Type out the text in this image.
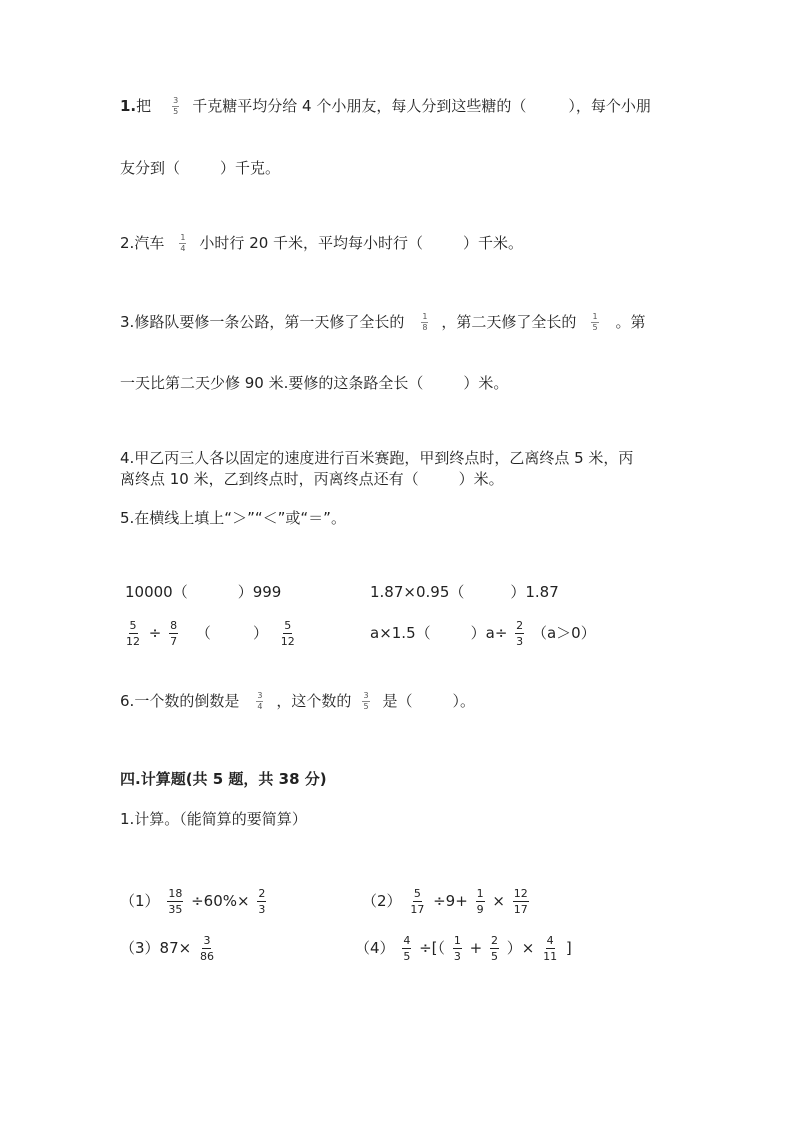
1.把	$\frac{3}{5}$ 千克糖平均分给 4 个小朋友，每人分到这些糖的（	），每个小朋
友分到（	）千克。
2.汽车 $\frac{1}{4}$ 小时行 20 千米，平均每小时行（	）千米。
3.修路队要修一条公路，第一天修了全长的 $\frac{1}{8}$ ，第二天修了全长的 $\frac{1}{5}$ 。第
一天比第二天少修 90 米.要修的这条路全长（	）米。
4.甲乙丙三人各以固定的速度进行百米赛跑，甲到终点时，乙离终点 5 米，丙
离终点 10 米，乙到终点时，丙离终点还有（	）米。
5.在横线上填上“＞”“＜”或“＝”。
10000（	）999	1.87×0.95（	）1.87
$\frac{5}{12} \div \frac{8}{7}$ （	） $\frac{5}{12}$	a×1.5（	）$a\div \frac{2}{3} (a>0)$
6.一个数的倒数是 $\frac{3}{4}$ ，这个数的 $\frac{3}{5}$ 是（	）。
四.计算题(共 5 题，共 38 分)
1.计算。（能简算的要简算）
$(1) \frac{18}{35} \div 60\%\times \frac{2}{3}$	$(2) \frac{5}{17} \div 9+ \frac{1}{9} \times \frac{12}{17}$
$(3)87\times \frac{3}{86}$	$(4) \frac{4}{5}$ ÷[（ $\frac{1}{3} + \frac{2}{5}$ ）× $\frac{4}{11}$ ]
